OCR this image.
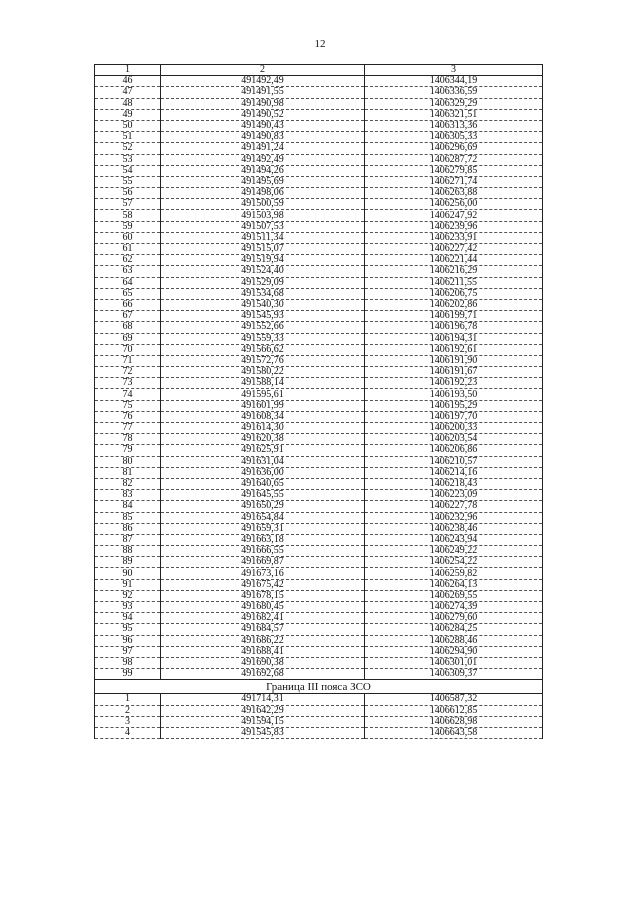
12
1	2	3
46	491492,49	1406344,19
47	491491,55	1406336,59
48	491490,98	1406329,29
49	491490,52	1406321,51
50	491490,43	1406313,36
51	491490,83	1406305,33
52	491491,24	1406296,69
53	491492,49	1406287,72
54	491494,26	1406279,85
55	491495,69	1406271,74
56	491498,06	1406263,88
57	491500,59	1406256,00
58	491503,98	1406247,92
59	491507,53	1406239,96
60	491511,34	1406233,91
61	491515,07	1406227,42
62	491519,94	1406221,44
63	491524,40	1406216,29
64	491529,09	1406211,55
65	491534,68	1406206,75
66	491540,30	1406202,86
67	491545,93	1406199,71
68	491552,66	1406196,78
69	491559,33	1406194,31
70	491566,62	1406192,61
71	491572,76	1406191,90
72	491580,22	1406191,67
73	491588,14	1406192,23
74	491595,61	1406193,50
75	491601,99	1406195,29
76	491608,34	1406197,70
77	491614,30	1406200,33
78	491620,38	1406203,54
79	491625,91	1406206,86
80	491631,04	1406210,57
81	491636,00	1406214,16
82	491640,65	1406218,43
83	491645,55	1406223,09
84	491650,29	1406227,78
85	491654,84	1406232,96
86	491659,31	1406238,46
87	491663,18	1406243,94
88	491666,55	1406249,22
89	491669,87	1406254,22
90	491673,16	1406259,82
91	491675,42	1406264,13
92	491678,15	1406269,55
93	491680,45	1406274,39
94	491682,41	1406279,60
95	491684,57	1406284,25
96	491686,22	1406288,46
97	491688,41	1406294,90
98	491690,38	1406301,01
99	491692,68	1406309,37
Граница III пояса ЗСО		
1	491714,31	1406587,32
2	491642,29	1406612,85
3	491594,15	1406628,98
4	491545,83	1406643,58
